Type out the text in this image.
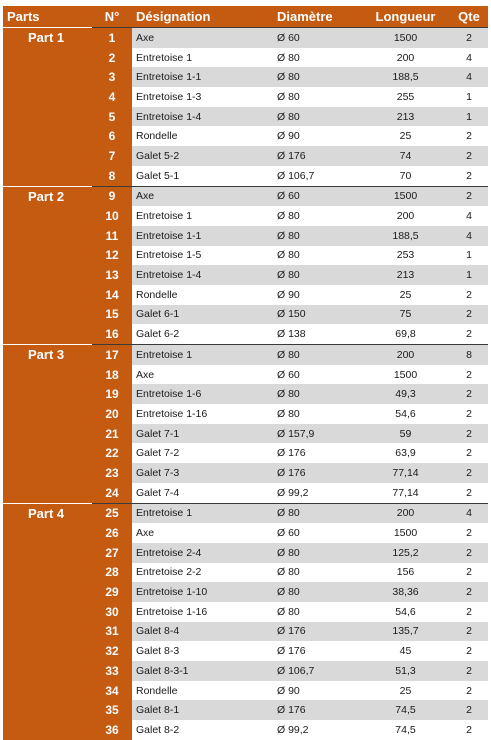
Parts	N°	Désignation	Diamètre	Longueur	Qte

Part 1	1	Axe	Ø 60	1500	2
	2	Entretoise 1	Ø 80	200	4
	3	Entretoise 1-1	Ø 80	188,5	4
	4	Entretoise 1-3	Ø 80	255	1
	5	Entretoise 1-4	Ø 80	213	1
	6	Rondelle	Ø 90	25	2
	7	Galet 5-2	Ø 176	74	2
	8	Galet 5-1	Ø 106,7	70	2

Part 2	9	Axe	Ø 60	1500	2
	10	Entretoise 1	Ø 80	200	4
	11	Entretoise 1-1	Ø 80	188,5	4
	12	Entretoise 1-5	Ø 80	253	1
	13	Entretoise 1-4	Ø 80	213	1
	14	Rondelle	Ø 90	25	2
	15	Galet 6-1	Ø 150	75	2
	16	Galet 6-2	Ø 138	69,8	2

Part 3	17	Entretoise 1	Ø 80	200	8
	18	Axe	Ø 60	1500	2
	19	Entretoise 1-6	Ø 80	49,3	2
	20	Entretoise 1-16	Ø 80	54,6	2
	21	Galet 7-1	Ø 157,9	59	2
	22	Galet 7-2	Ø 176	63,9	2
	23	Galet 7-3	Ø 176	77,14	2
	24	Galet 7-4	Ø 99,2	77,14	2

Part 4	25	Entretoise 1	Ø 80	200	4
	26	Axe	Ø 60	1500	2
	27	Entretoise 2-4	Ø 80	125,2	2
	28	Entretoise 2-2	Ø 80	156	2
	29	Entretoise 1-10	Ø 80	38,36	2
	30	Entretoise 1-16	Ø 80	54,6	2
	31	Galet 8-4	Ø 176	135,7	2
	32	Galet 8-3	Ø 176	45	2
	33	Galet 8-3-1	Ø 106,7	51,3	2
	34	Rondelle	Ø 90	25	2
	35	Galet 8-1	Ø 176	74,5	2
	36	Galet 8-2	Ø 99,2	74,5	2
